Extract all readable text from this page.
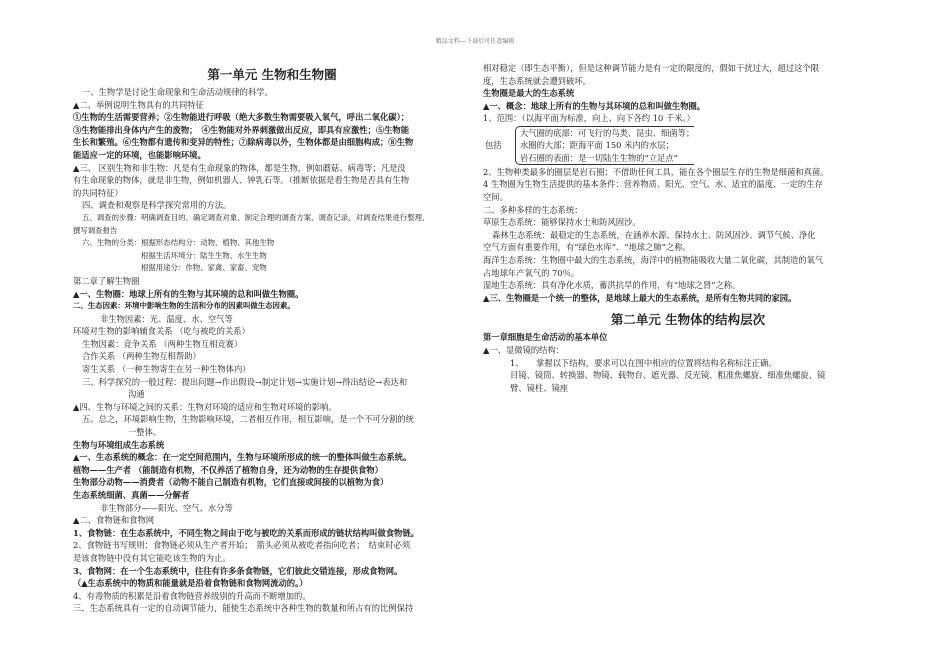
精品文档---下载后可任意编辑

第一单元 生物和生物圈

一、生物学是讨论生命现象和生命活动规律的科学。

▲二、举例说明生物具有的共同特征

①生物的生活需要营养；②生物能进行呼吸（绝大多数生物需要吸入氧气，呼出二氧化碳）；

③生物能排出身体内产生的废物；　④生物能对外界刺激做出反应，即具有应激性；⑤生物能

生长和繁殖。⑥生物都有遗传和变异的特性；⑦除病毒以外，生物体都是由细胞构成；⑧生物

能适应一定的环境，也能影响环境。

▲三、 区别生物和非生物：凡是有生命现象的物体，都是生物，例如蘑菇、病毒等；凡是没

有生命现象的物体，就是非生物，例如机器人、钟乳石等。（推断依据是看生物是否具有生物

的共同特征）

四、调查和观察是科学探究常用的方法。

五、调查的步骤：明确调查目的、确定调查对象、制定合理的调查方案、调查记录、对调查结果进行整理、

撰写调查报告

六、生物的分类：根据形态结构分：动物、植物、其他生物

根据生活环境分：陆生生物、水生生物

根据用途分：作物、家禽、家畜、宠物

第二章了解生物圈

▲一、生物圈：地球上所有的生物与其环境的总和叫做生物圈。

二、生态因素：环境中影响生物的生活和分布的因素叫做生态因素。

非生物因素：光、温度、水、空气等

环境对生物的影响辅食关系 （吃与被吃的关系）

生物因素：竞争关系 （两种生物互相竞赛）

合作关系 （两种生物互相帮助）

寄生关系 （一种生物寄生在另一种生物体内）

三、科学探究的一般过程：提出问题→作出假设→制定计划→实施计划→得出结论→表达和

沟通

▲四、生物与环境之间的关系：生物对环境的适应和生物对环境的影响。

五、总之，环境影响生物，生物影响环境，二者相互作用，相互影响，是一个不可分割的统

一整体。

生物与环境组成生态系统

▲一、生态系统的概念：在一定空间范围内，生物与环境所形成的统一的整体叫做生态系统。

植物——生产者 （能制造有机物，不仅养活了植物自身，还为动物的生存提供食物）

生物部分动物——消费者（动物不能自己制造有机物，它们直接或间接的以植物为食）

生态系统细菌、真菌——分解者

非生物部分——阳光、空气、水分等

▲二、食物链和食物网

1、食物链：在生态系统中，不同生物之间由于吃与被吃的关系而形成的链状结构叫做食物链。

2、食物链书写规则：食物链必须从生产者开始；　箭头必须从被吃者指向吃者；　结束时必须

是该食物链中没有其它能吃该生物的为止。

3、食物网：在一个生态系统中，往往有许多条食物链，它们彼此交错连接，形成食物网。

（▲生态系统中的物质和能量就是沿着食物链和食物网流动的。）

4、有毒物质的积累是沿着食物链营养级别的升高而不断增加的。

三、生态系统具有一定的自动调节能力，能使生态系统中各种生物的数量和所占有的比例保持

相对稳定（即生态平衡），但是这种调节能力是有一定的限度的，假如干扰过大，超过这个限

度，生态系统就会遭到破坏。

生物圈是最大的生态系统

▲一、概念：地球上所有的生物与其环境的总和叫做生物圈。

1、范围：（以海平面为标准，向上、向下各约 10 千米。）

包括

大气圈的底部：可飞行的鸟类、昆虫、细菌等；

水圈的大部：距海平面 150 米内的水层；

岩石圈的表面：是一切陆生生物的“立足点”

2、生物种类最多的圈层是岩石圈；不借助任何工具，能在各个圈层生存的生物是细菌和真菌。

4 生物圈为生物生活提供的基本条件：营养物质、阳光、空气、水、适宜的温度、一定的生存

空间。

二、多种多样的生态系统：

草原生态系统：能够保持水土和防风固沙。

森林生态系统：最稳定的生态系统，在涵养水源、保持水土、防风固沙、调节气候、净化

空气方面有重要作用，有“绿色水库”、“地球之肺”之称。

海洋生态系统：生物圈中最大的生态系统，海洋中的植物能吸收大量二氧化碳，其制造的氧气

占地球年产氧气的 70％。

湿地生态系统：具有净化水质，蓄洪抗旱的作用，有“地球之肾”之称。

▲三、生物圈是一个统一的整体，是地球上最大的生态系统，是所有生物共同的家园。

第二单元 生物体的结构层次

第一章细胞是生命活动的基本单位

▲一、显微镜的结构：

1、　　掌握以下结构，要求可以在图中相应的位置将结构名称标注正确。

目镜、镜筒、转换器、物镜、载物台、遮光器、反光镜、粗准焦螺旋、细准焦螺旋、镜

臂、镜柱、镜座
